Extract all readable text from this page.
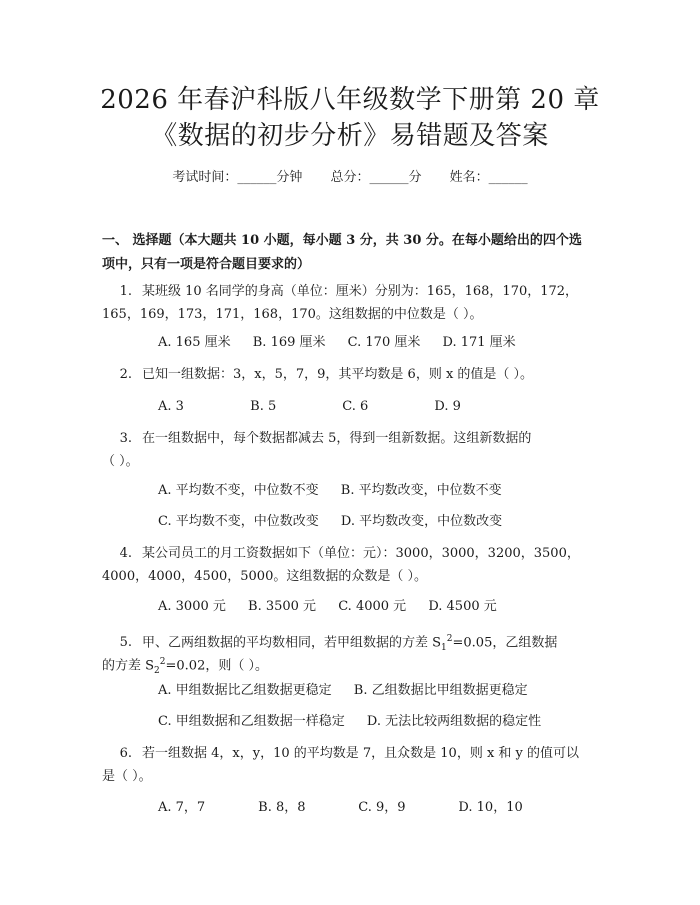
2026 年春沪科版八年级数学下册第 20 章
《数据的初步分析》易错题及答案
考试时间：______分钟 总分：______分 姓名：______
一、 选择题（本大题共 10 小题，每小题 3 分，共 30 分。在每小题给出的四个选
项中，只有一项是符合题目要求的）
1. 某班级 10 名同学的身高（单位：厘米）分别为：165，168，170，172，
165，169，173，171，168，170。这组数据的中位数是（ ）。
A. 165 厘米 B. 169 厘米 C. 170 厘米 D. 171 厘米
2. 已知一组数据：3，x，5，7，9，其平均数是 6，则 x 的值是（ ）。
A. 3	B. 5	C. 6	D. 9
3. 在一组数据中，每个数据都减去 5，得到一组新数据。这组新数据的
（ ）。
A. 平均数不变，中位数不变 B. 平均数改变，中位数不变
C. 平均数不变，中位数改变 D. 平均数改变，中位数改变
4. 某公司员工的月工资数据如下（单位：元）：3000，3000，3200，3500，
4000，4000，4500，5000。这组数据的众数是（ ）。
A. 3000 元 B. 3500 元 C. 4000 元 D. 4500 元
5. 甲、乙两组数据的平均数相同，若甲组数据的方差 $S_1^2=0.05$，乙组数据
的方差 $S_2^2=0.02$，则（ ）。
A. 甲组数据比乙组数据更稳定 B. 乙组数据比甲组数据更稳定
C. 甲组数据和乙组数据一样稳定 D. 无法比较两组数据的稳定性
6. 若一组数据 4，x，y，10 的平均数是 7，且众数是 10，则 x 和 y 的值可以
是（ ）。
A. 7，7	B. 8，8	C. 9，9	D. 10，10
